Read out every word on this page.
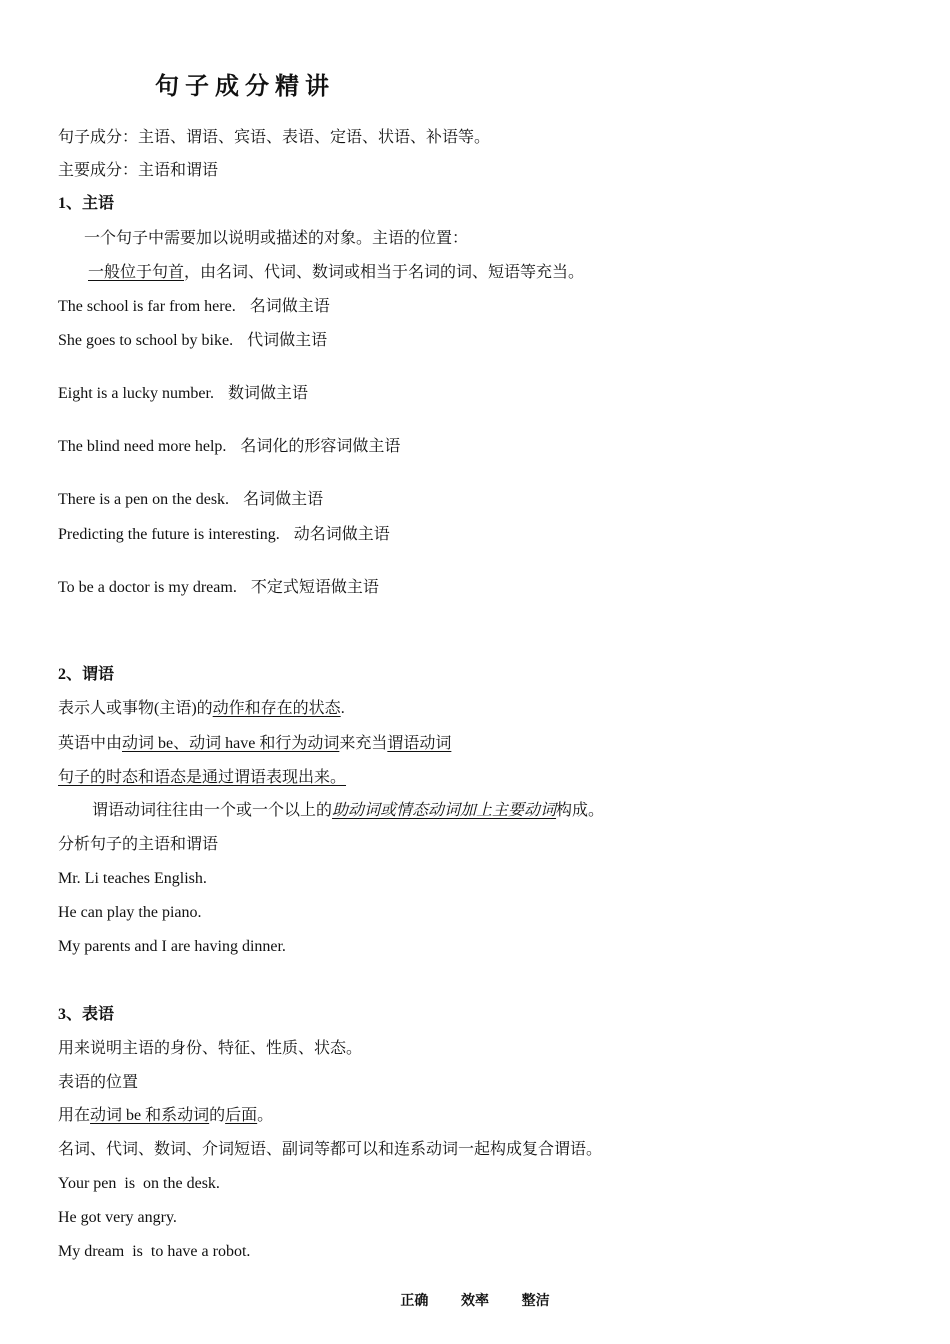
句子成分精讲
句子成分：主语、谓语、宾语、表语、定语、状语、补语等。
主要成分：主语和谓语
1、主语
一个句子中需要加以说明或描述的对象。主语的位置：
一般位于句首，由名词、代词、数词或相当于名词的词、短语等充当。
The school is far from here. 名词做主语
She goes to school by bike. 代词做主语
Eight is a lucky number. 数词做主语
The blind need more help. 名词化的形容词做主语
There is a pen on the desk. 名词做主语
Predicting the future is interesting. 动名词做主语
To be a doctor is my dream. 不定式短语做主语
2、谓语
表示人或事物(主语)的动作和存在的状态.
英语中由动词 be、动词 have 和行为动词来充当谓语动词
句子的时态和语态是通过谓语表现出来。
谓语动词往往由一个或一个以上的助动词或情态动词加上主要动词构成。
分析句子的主语和谓语
Mr. Li teaches English.
He can play the piano.
My parents and I are having dinner.
3、表语
用来说明主语的身份、特征、性质、状态。
表语的位置
用在动词 be 和系动词的后面。
名词、代词、数词、介词短语、副词等都可以和连系动词一起构成复合谓语。
Your pen  is  on the desk.
He got very angry.
My dream  is  to have a robot.
正确   效率   整洁
